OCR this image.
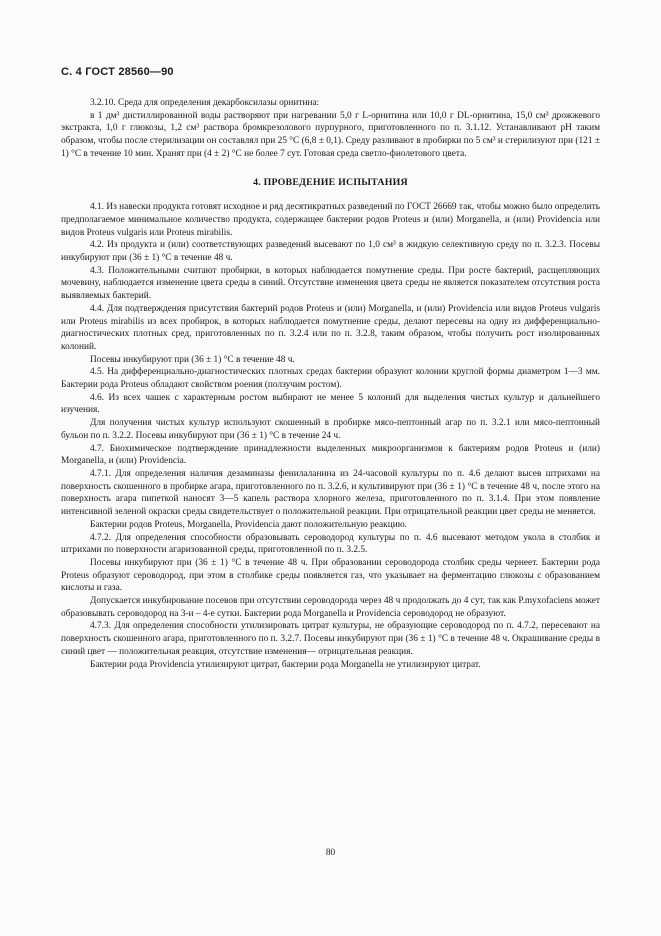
С. 4 ГОСТ 28560—90

3.2.10. Среда для определения декарбоксилазы орнитина:

в 1 дм³ дистиллированной воды растворяют при нагревании 5,0 г L-орнитина или 10,0 г DL-орнитина, 15,0 см³ дрожжевого экстракта, 1,0 г глюкозы, 1,2 см³ раствора бромкрезолового пурпурного, приготовленного по п. 3.1.12. Устанавливают pH таким образом, чтобы после стерилизации он составлял при 25 °С (6,8 ± 0,1). Среду разливают в пробирки по 5 см³ и стерилизуют при (121 ± 1) °С в течение 10 мин. Хранят при (4 ± 2) °С не более 7 сут. Готовая среда светло-фиолетового цвета.

4. ПРОВЕДЕНИЕ ИСПЫТАНИЯ

4.1. Из навески продукта готовят исходное и ряд десятикратных разведений по ГОСТ 26669 так, чтобы можно было определить предполагаемое минимальное количество продукта, содержащее бактерии родов Proteus и (или) Morganella, и (или) Providencia или видов Proteus vulgaris или Proteus mirabilis.

4.2. Из продукта и (или) соответствующих разведений высевают по 1,0 см³ в жидкую селективную среду по п. 3.2.3. Посевы инкубируют при (36 ± 1) °С в течение 48 ч.

4.3. Положительными считают пробирки, в которых наблюдается помутнение среды. При росте бактерий, расщепляющих мочевину, наблюдается изменение цвета среды в синий. Отсутствие изменения цвета среды не является показателем отсутствия роста выявляемых бактерий.

4.4. Для подтверждения присутствия бактерий родов Proteus и (или) Morganella, и (или) Providencia или видов Proteus vulgaris или Proteus mirabilis из всех пробирок, в которых наблюдается помутнение среды, делают пересевы на одну из дифференциально-диагностических плотных сред, приготовленных по п. 3.2.4 или по п. 3.2.8, таким образом, чтобы получить рост изолированных колоний.

Посевы инкубируют при (36 ± 1) °С в течение 48 ч.

4.5. На дифференциально-диагностических плотных средах бактерии образуют колонии круглой формы диаметром 1—3 мм. Бактерии рода Proteus обладают свойством роения (ползучим ростом).

4.6. Из всех чашек с характерным ростом выбирают не менее 5 колоний для выделения чистых культур и дальнейшего изучения.

Для получения чистых культур используют скошенный в пробирке мясо-пептонный агар по п. 3.2.1 или мясо-пептонный бульон по п. 3.2.2. Посевы инкубируют при (36 ± 1) °С в течение 24 ч.

4.7. Биохимическое подтверждение принадлежности выделенных микроорганизмов к бактериям родов Proteus и (или) Morganella, и (или) Providencia.

4.7.1. Для определения наличия дезаминазы фенилаланина из 24-часовой культуры по п. 4.6 делают высев штрихами на поверхность скошенного в пробирке агара, приготовленного по п. 3.2.6, и культивируют при (36 ± 1) °С в течение 48 ч, после этого на поверхность агара пипеткой наносят 3—5 капель раствора хлорного железа, приготовленного по п. 3.1.4. При этом появление интенсивной зеленой окраски среды свидетельствует о положительной реакции. При отрицательной реакции цвет среды не меняется.

Бактерии родов Proteus, Morganella, Providencia дают положительную реакцию.

4.7.2. Для определения способности образовывать сероводород культуры по п. 4.6 высевают методом укола в столбик и штрихами по поверхности агаризованной среды, приготовленной по п. 3.2.5.

Посевы инкубируют при (36 ± 1) °С в течение 48 ч. При образовании сероводорода столбик среды чернеет. Бактерии рода Proteus образуют сероводород, при этом в столбике среды появляется газ, что указывает на ферментацию глюкозы с образованием кислоты и газа.

Допускается инкубирование посевов при отсутствии сероводорода через 48 ч продолжать до 4 сут, так как P.myxofaciens может образовывать сероводород на 3-и – 4-е сутки. Бактерии рода Morganella и Providencia сероводород не образуют.

4.7.3. Для определения способности утилизировать цитрат культуры, не образующие сероводород по п. 4.7.2, пересевают на поверхность скошенного агара, приготовленного по п. 3.2.7. Посевы инкубируют при (36 ± 1) °С в течение 48 ч. Окрашивание среды в синий цвет — положительная реакция, отсутствие изменения— отрицательная реакция.

Бактерии рода Providencia утилизируют цитрат, бактерии рода Morganella не утилизируют цитрат.

80
